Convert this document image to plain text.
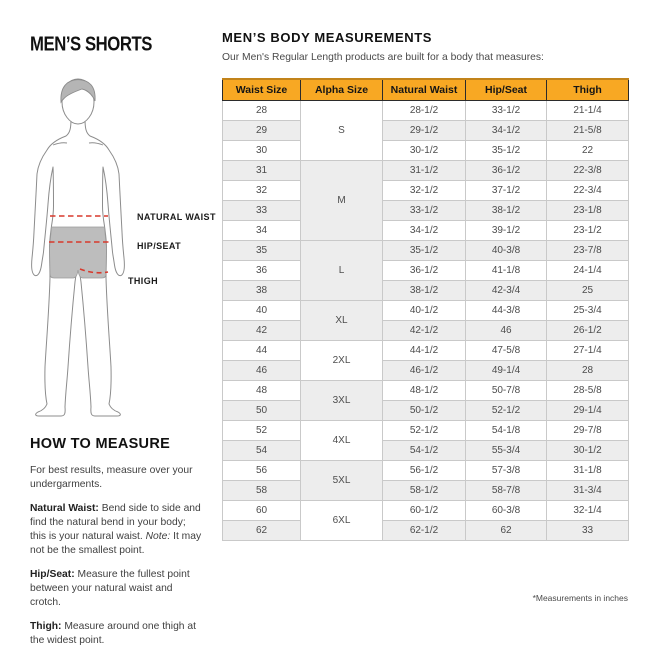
MEN’S SHORTS
NATURAL WAIST
HIP/SEAT
THIGH
HOW TO MEASURE

For best results, measure over your undergarments.

Natural Waist: Bend side to side and find the natural bend in your body; this is your natural waist. Note: It may not be the smallest point.

Hip/Seat: Measure the fullest point between your natural waist and crotch.

Thigh: Measure around one thigh at the widest point.

MEN’S BODY MEASUREMENTS
Our Men's Regular Length products are built for a body that measures:
Waist Size	Alpha Size	Natural Waist	Hip/Seat	Thigh
28	S	28-1/2	33-1/2	21-1/4
29		29-1/2	34-1/2	21-5/8
30		30-1/2	35-1/2	22
31	M	31-1/2	36-1/2	22-3/8
32		32-1/2	37-1/2	22-3/4
33		33-1/2	38-1/2	23-1/8
34		34-1/2	39-1/2	23-1/2
35	L	35-1/2	40-3/8	23-7/8
36		36-1/2	41-1/8	24-1/4
38		38-1/2	42-3/4	25
40	XL	40-1/2	44-3/8	25-3/4
42		42-1/2	46	26-1/2
44	2XL	44-1/2	47-5/8	27-1/4
46		46-1/2	49-1/4	28
48	3XL	48-1/2	50-7/8	28-5/8
50		50-1/2	52-1/2	29-1/4
52	4XL	52-1/2	54-1/8	29-7/8
54		54-1/2	55-3/4	30-1/2
56	5XL	56-1/2	57-3/8	31-1/8
58		58-1/2	58-7/8	31-3/4
60	6XL	60-1/2	60-3/8	32-1/4
62		62-1/2	62	33
*Measurements in inches
